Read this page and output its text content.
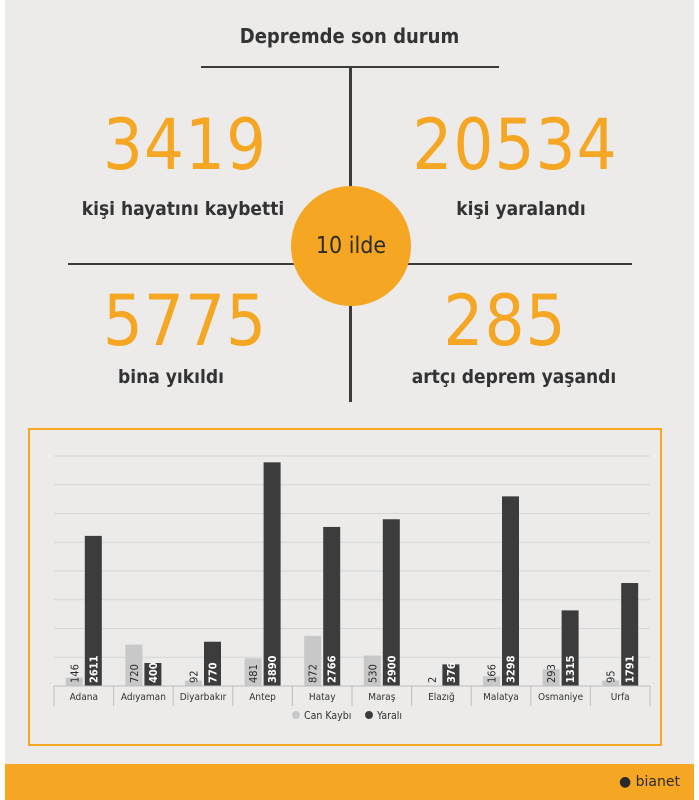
Depremde son durum
3419
kişi hayatını kaybetti
20534
kişi yaralandı
5775
bina yıkıldı
285
artçı deprem yaşandı
10 ilde
146 2611
Adana
720 400
Adıyaman
92 770
Diyarbakır
481 3890
Antep
872 2766
Hatay
530 2900
Maraş
2 376
Elazığ
166 3298
Malatya
293 1315
Osmaniye
95 1791
Urfa
Can Kaybı Yaralı
● bianet
